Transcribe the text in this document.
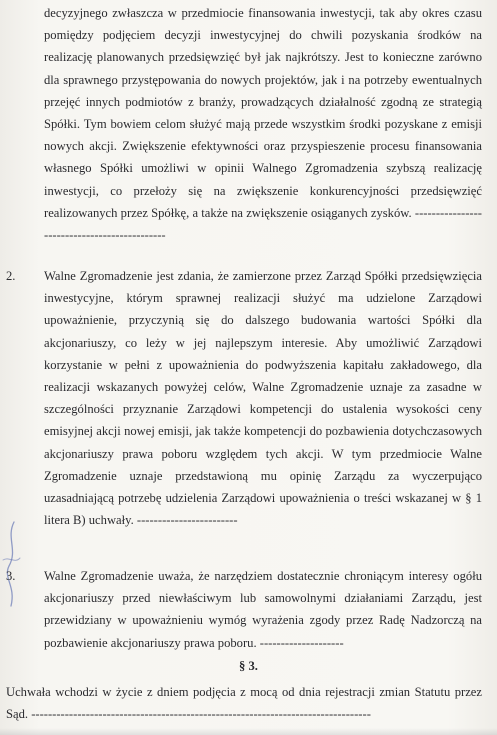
decyzyjnego zwłaszcza w przedmiocie finansowania inwestycji, tak aby okres czasu pomiędzy podjęciem decyzji inwestycyjnej do chwili pozyskania środków na realizację planowanych przedsięwzięć był jak najkrótszy. Jest to konieczne zarówno dla sprawnego przystępowania do nowych projektów, jak i na potrzeby ewentualnych przejęć innych podmiotów z branży, prowadzących działalność zgodną ze strategią Spółki. Tym bowiem celom służyć mają przede wszystkim środki pozyskane z emisji nowych akcji. Zwiększenie efektywności oraz przyspieszenie procesu finansowania własnego Spółki umożliwi w opinii Walnego Zgromadzenia szybszą realizację inwestycji, co przełoży się na zwiększenie konkurencyjności przedsięwzięć realizowanych przez Spółkę, a także na zwiększenie osiąganych zysków. ---------------------------------------------
2. Walne Zgromadzenie jest zdania, że zamierzone przez Zarząd Spółki przedsięwzięcia inwestycyjne, którym sprawnej realizacji służyć ma udzielone Zarządowi upoważnienie, przyczynią się do dalszego budowania wartości Spółki dla akcjonariuszy, co leży w jej najlepszym interesie. Aby umożliwić Zarządowi korzystanie w pełni z upoważnienia do podwyższenia kapitału zakładowego, dla realizacji wskazanych powyżej celów, Walne Zgromadzenie uznaje za zasadne w szczególności przyznanie Zarządowi kompetencji do ustalenia wysokości ceny emisyjnej akcji nowej emisji, jak także kompetencji do pozbawienia dotychczasowych akcjonariuszy prawa poboru względem tych akcji. W tym przedmiocie Walne Zgromadzenie uznaje przedstawioną mu opinię Zarządu za wyczerpująco uzasadniającą potrzebę udzielenia Zarządowi upoważnienia o treści wskazanej w § 1 litera B) uchwały. ------------------------
3. Walne Zgromadzenie uważa, że narzędziem dostatecznie chroniącym interesy ogółu akcjonariuszy przed niewłaściwym lub samowolnymi działaniami Zarządu, jest przewidziany w upoważnieniu wymóg wyrażenia zgody przez Radę Nadzorczą na pozbawienie akcjonariuszy prawa poboru. --------------------
§ 3.
Uchwała wchodzi w życie z dniem podjęcia z mocą od dnia rejestracji zmian Statutu przez Sąd. ---------------------------------------------------------------------------------
